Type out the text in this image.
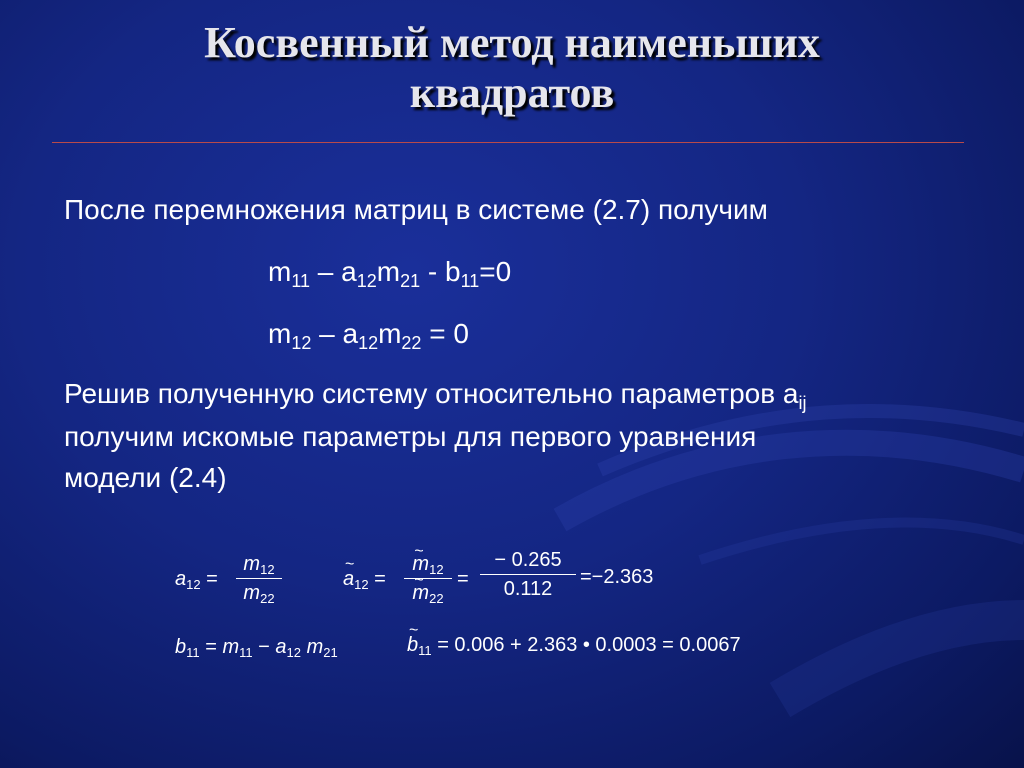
Косвенный метод наименьших
квадратов
После перемножения матриц в системе (2.7) получим
$m_{11} - a_{12}m_{21} - b_{11}=0$
$m_{12} - a_{12}m_{22} = 0$
Решив полученную систему относительно параметров $a_{ij}$
получим искомые параметры для первого уравнения
модели (2.4)
$a_{12}$ =
$m_{12}$
$m_{22}$
~ $a_{12}$ =
~ $m_{12}$
~ $m_{22}$
=
− 0.265
0.112
=−2.363
$b_{11} = m_{11} - a_{12}$ $m_{21}$
~	$b_{11} = 0.006 + 2.363$ • 0.0003 = 0.0067
